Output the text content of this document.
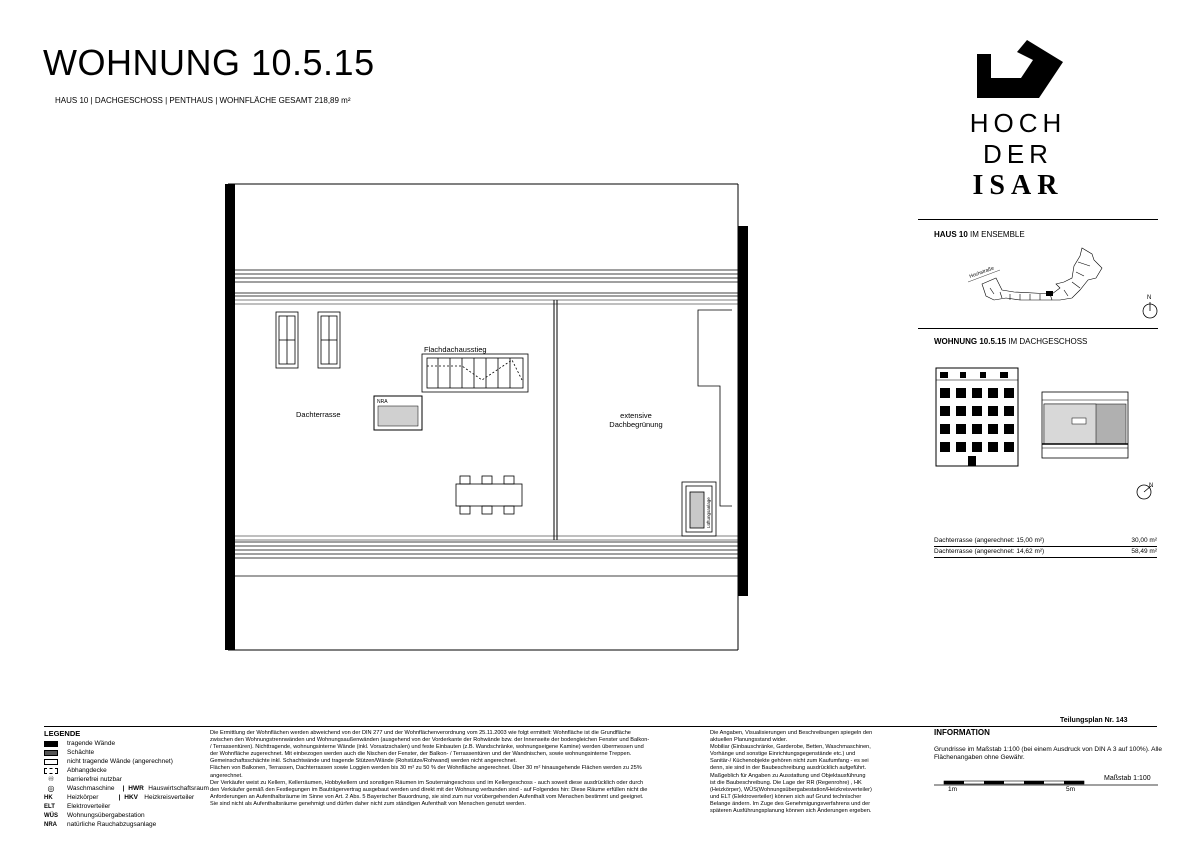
WOHNUNG 10.5.15
HAUS 10 | DACHGESCHOSS | PENTHAUS | WOHNFLÄCHE GESAMT 218,89 m²
HOCH
DER
ISAR
HAUS 10 IM ENSEMBLE
Hochstraße
N
WOHNUNG 10.5.15 IM DACHGESCHOSS
N
Dachterrasse (angerechnet: 15,00 m²)	30,00 m²
Dachterrasse (angerechnet: 14,62 m²)	58,49 m²
NRA
Lüftungsanlage
Flachdachausstieg
Dachterrasse	extensive
Dachbegrünung
LEGENDE
tragende Wände
Schächte
nicht tragende Wände (angerechnet)
Abhangdecke
♾	barrierefrei nutzbar
◎	Waschmaschine | HWR Hauswirtschaftsraum
HK	Heizkörper	| HKV Heizkreisverteiler
ELT	Elektroverteiler
WÜS Wohnungsübergabestation
NRA natürliche Rauchabzugsanlage
Die Ermittlung der Wohnflächen werden abweichend von der DIN 277 und der Wohnflächenverordnung vom 25.11.2003 wie folgt ermittelt: Wohnfläche ist die Grundfläche
zwischen den Wohnungstrennwänden und Wohnungsaußenwänden (ausgehend von der Vorderkante der Rohwände bzw. der Innenseite der bodengleichen Fenster und Balkon-
/ Terrassentüren). Nichttragende, wohnungsinterne Wände (inkl. Vorsatzschalen) und feste Einbauten (z.B. Wandschränke, wohnungseigene Kamine) werden übermessen und
der Wohnfläche zugerechnet. Mit einbezogen werden auch die Nischen der Fenster, der Balkon- / Terrassentüren und der Wandnischen, sowie wohnungsinterne Treppen.
Gemeinschaftsschächte inkl. Schachtwände und tragende Stützen/Wände (Rohstütze/Rohwand) werden nicht angerechnet.
Flächen von Balkonen, Terrassen, Dachterrassen sowie Loggien werden bis 30 m² zu 50 % der Wohnfläche angerechnet. Über 30 m² hinausgehende Flächen werden zu 25%
angerechnet.
Der Verkäufer weist zu Kellern, Kellerräumen, Hobbykellern und sonstigen Räumen im Souterraingeschoss und im Kellergeschoss - auch soweit diese ausdrücklich oder durch
den Verkäufer gemäß den Festlegungen im Bauträgervertrag ausgebaut werden und direkt mit der Wohnung verbunden sind - auf Folgendes hin: Diese Räume erfüllen nicht die
Anforderungen an Aufenthaltsräume im Sinne von Art. 2 Abs. 5 Bayerischer Bauordnung, sie sind zum nur vorübergehenden Aufenthalt vom Menschen bestimmt und geeignet.
Sie sind nicht als Aufenthaltsräume genehmigt und dürfen daher nicht zum ständigen Aufenthalt von Menschen genutzt werden.
Die Angaben, Visualisierungen und Beschreibungen spiegeln den
aktuellen Planungsstand wider.
Mobiliar (Einbauschränke, Garderobe, Betten, Waschmaschinen,
Vorhänge und sonstige Einrichtungsgegenstände etc.) und
Sanitär-/ Küchenobjekte gehören nicht zum Kaufumfang - es sei
denn, sie sind in der Baubeschreibung ausdrücklich aufgeführt.
Maßgeblich für Angaben zu Ausstattung und Objektausführung
ist die Baubeschreibung. Die Lage der RR (Regenrohre) , HK
(Heizkörper), WÜS(Wohnungsübergabestation/Heizkreisverteiler)
und ELT (Elektroverteiler) können sich auf Grund technischer
Belange ändern. Im Zuge des Genehmigungsverfahrens und der
späteren Ausführungsplanung können sich Änderungen ergeben.
Teilungsplan Nr. 143
INFORMATION
Grundrisse im Maßstab 1:100 (bei einem Ausdruck von DIN A 3 auf 100%). Alle
Flächenangaben ohne Gewähr.
Maßstab 1:100
1m	5m
